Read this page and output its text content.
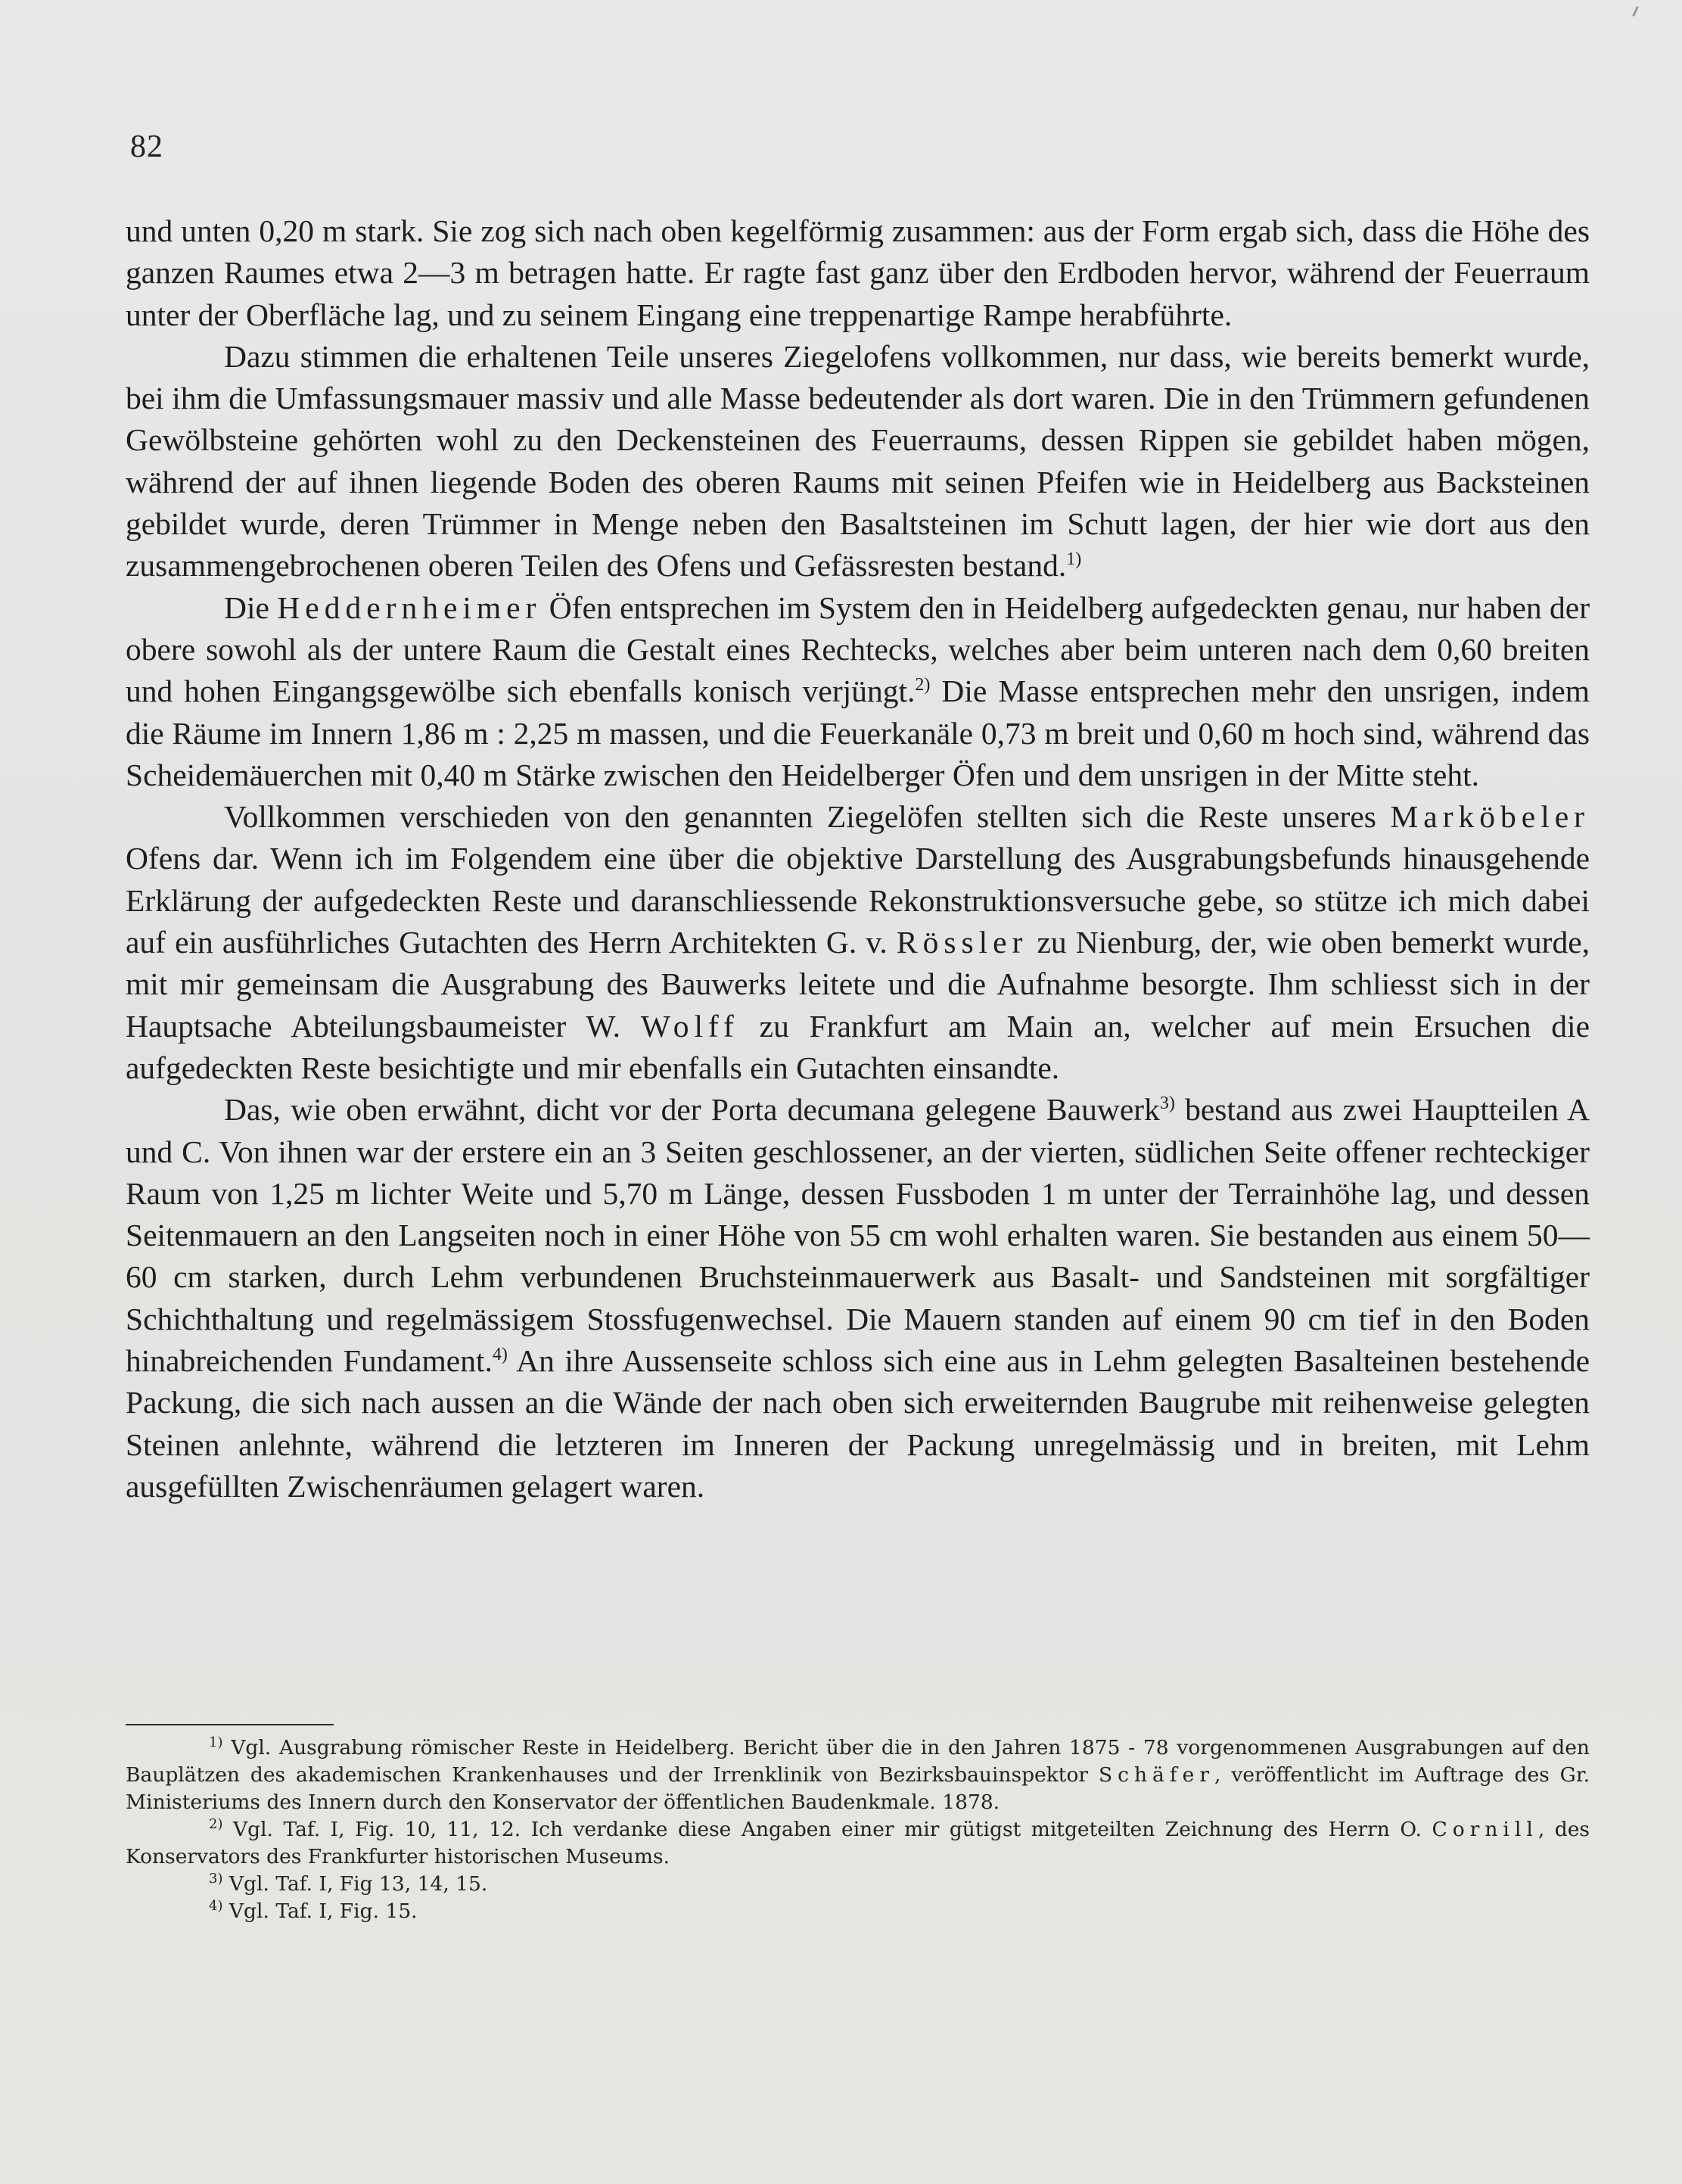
82

und unten 0,20 m stark. Sie zog sich nach oben kegelförmig zusammen: aus der Form ergab sich, dass die Höhe des ganzen Raumes etwa 2—3 m betragen hatte. Er ragte fast ganz über den Erdboden hervor, während der Feuerraum unter der Oberfläche lag, und zu seinem Eingang eine treppenartige Rampe herabführte.

Dazu stimmen die erhaltenen Teile unseres Ziegelofens vollkommen, nur dass, wie bereits bemerkt wurde, bei ihm die Umfassungsmauer massiv und alle Masse bedeutender als dort waren. Die in den Trümmern gefundenen Gewölbsteine gehörten wohl zu den Deckensteinen des Feuerraums, dessen Rippen sie gebildet haben mögen, während der auf ihnen liegende Boden des oberen Raums mit seinen Pfeifen wie in Heidelberg aus Backsteinen gebildet wurde, deren Trümmer in Menge neben den Basaltsteinen im Schutt lagen, der hier wie dort aus den zusammengebrochenen oberen Teilen des Ofens und Gefässresten bestand.$^{1)}$

Die Heddernheimer Öfen entsprechen im System den in Heidelberg aufgedeckten genau, nur haben der obere sowohl als der untere Raum die Gestalt eines Rechtecks, welches aber beim unteren nach dem 0,60 breiten und hohen Eingangsgewölbe sich ebenfalls konisch verjüngt.$^{2)}$ Die Masse entsprechen mehr den unsrigen, indem die Räume im Innern 1,86 m : 2,25 m massen, und die Feuerkanäle 0,73 m breit und 0,60 m hoch sind, während das Scheidemäuerchen mit 0,40 m Stärke zwischen den Heidelberger Öfen und dem unsrigen in der Mitte steht.

Vollkommen verschieden von den genannten Ziegelöfen stellten sich die Reste unseres Marköbeler Ofens dar. Wenn ich im Folgendem eine über die objektive Darstellung des Ausgrabungsbefunds hinausgehende Erklärung der aufgedeckten Reste und daranschliessende Rekonstruktionsversuche gebe, so stütze ich mich dabei auf ein ausführliches Gutachten des Herrn Architekten G. v. Rössler zu Nienburg, der, wie oben bemerkt wurde, mit mir gemeinsam die Ausgrabung des Bauwerks leitete und die Aufnahme besorgte. Ihm schliesst sich in der Hauptsache Abteilungsbaumeister W. Wolff zu Frankfurt am Main an, welcher auf mein Ersuchen die aufgedeckten Reste besichtigte und mir ebenfalls ein Gutachten einsandte.

Das, wie oben erwähnt, dicht vor der Porta decumana gelegene Bauwerk$^{3)}$ bestand aus zwei Hauptteilen A und C. Von ihnen war der erstere ein an 3 Seiten geschlossener, an der vierten, südlichen Seite offener rechteckiger Raum von 1,25 m lichter Weite und 5,70 m Länge, dessen Fussboden 1 m unter der Terrainhöhe lag, und dessen Seitenmauern an den Langseiten noch in einer Höhe von 55 cm wohl erhalten waren. Sie bestanden aus einem 50—60 cm starken, durch Lehm verbundenen Bruchsteinmauerwerk aus Basalt- und Sandsteinen mit sorgfältiger Schichthaltung und regelmässigem Stossfugenwechsel. Die Mauern standen auf einem 90 cm tief in den Boden hinabreichenden Fundament.$^{4)}$ An ihre Aussenseite schloss sich eine aus in Lehm gelegten Basalteinen bestehende Packung, die sich nach aussen an die Wände der nach oben sich erweiternden Baugrube mit reihenweise gelegten Steinen anlehnte, während die letzteren im Inneren der Packung unregelmässig und in breiten, mit Lehm ausgefüllten Zwischenräumen gelagert waren.

$^{1)}$ Vgl. Ausgrabung römischer Reste in Heidelberg. Bericht über die in den Jahren 1875 - 78 vorgenommenen Ausgrabungen auf den Bauplätzen des akademischen Krankenhauses und der Irrenklinik von Bezirksbauinspektor Schäfer, veröffentlicht im Auftrage des Gr. Ministeriums des Innern durch den Konservator der öffentlichen Baudenkmale. 1878.

$^{2)}$ Vgl. Taf. I, Fig. 10, 11, 12. Ich verdanke diese Angaben einer mir gütigst mitgeteilten Zeichnung des Herrn O. Cornill, des Konservators des Frankfurter historischen Museums.

$^{3)}$ Vgl. Taf. I, Fig 13, 14, 15.

$^{4)}$ Vgl. Taf. I, Fig. 15.
